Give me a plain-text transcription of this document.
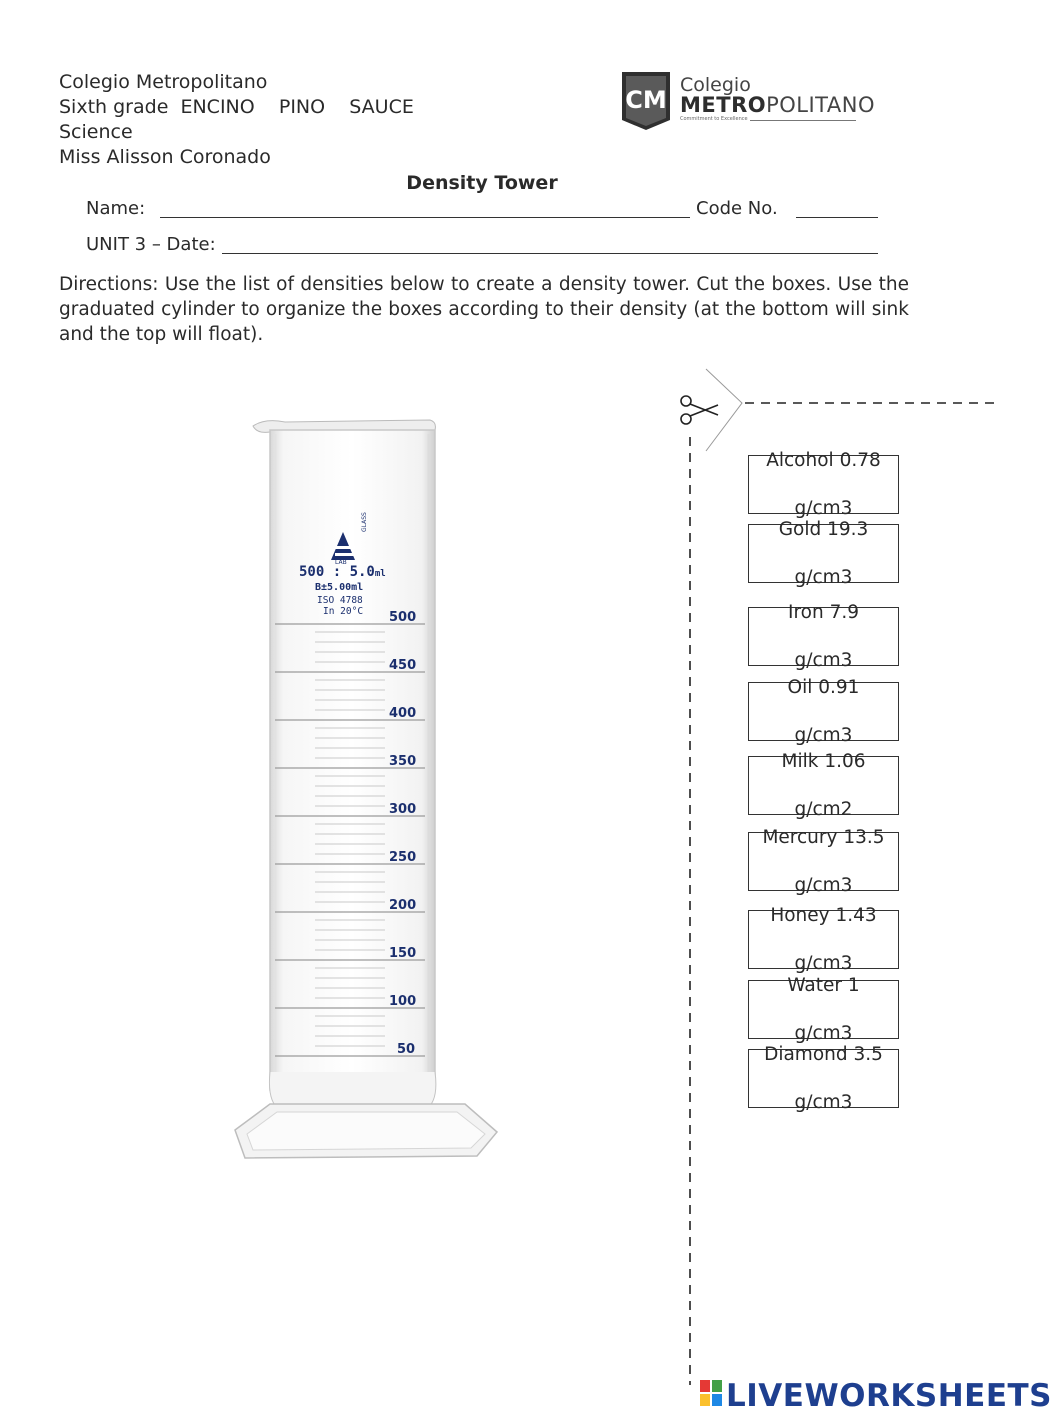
Colegio Metropolitano
Sixth grade  ENCINO    PINO    SAUCE
Science
Miss Alisson Coronado
CM
Colegio
METROPOLITANO
Commitment to Excellence
Density Tower
Name:	Code No.
UNIT 3 – Date:
Directions: Use the list of densities below to create a density tower. Cut the boxes. Use the graduated cylinder to organize the boxes according to their density (at the bottom will sink and the top will float).
LAB
GLASS
500 : 5.0ml
B±5.00ml
ISO 4788
In 20°C 500
450
400
350
300
250
200
150
100
50
Alcohol 0.78

g/cm3
Gold 19.3

g/cm3
Iron 7.9

g/cm3
Oil 0.91

g/cm3
Milk 1.06

g/cm2
Mercury 13.5

g/cm3
Honey 1.43

g/cm3
Water 1

g/cm3
Diamond 3.5

g/cm3
LIVEWORKSHEETS
